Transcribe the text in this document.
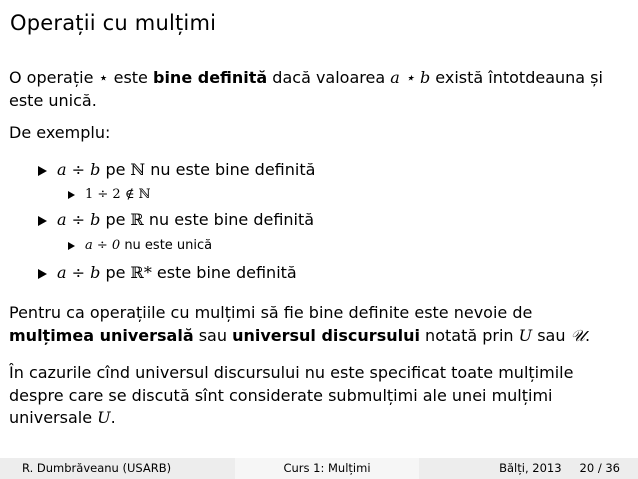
Operații cu mulțimi
O operație ⋆ este bine definită dacă valoarea a ⋆ b există întotdeauna și
este unică.
De exemplu:
a ÷ b pe ℕ nu este bine definită
1 ÷ 2 ∉ ℕ
a ÷ b pe ℝ nu este bine definită
a ÷ 0 nu este unică
a ÷ b pe ℝ* este bine definită
Pentru ca operațiile cu mulțimi să fie bine definite este nevoie de
mulțimea universală sau universul discursului notată prin U sau 𝒰.
În cazurile cînd universul discursului nu este specificat toate mulțimile
despre care se discută sînt considerate submulțimi ale unei mulțimi
universale U.
R. Dumbrăveanu (USARB)	Curs 1: Mulțimi	Bălți, 2013 20 / 36
